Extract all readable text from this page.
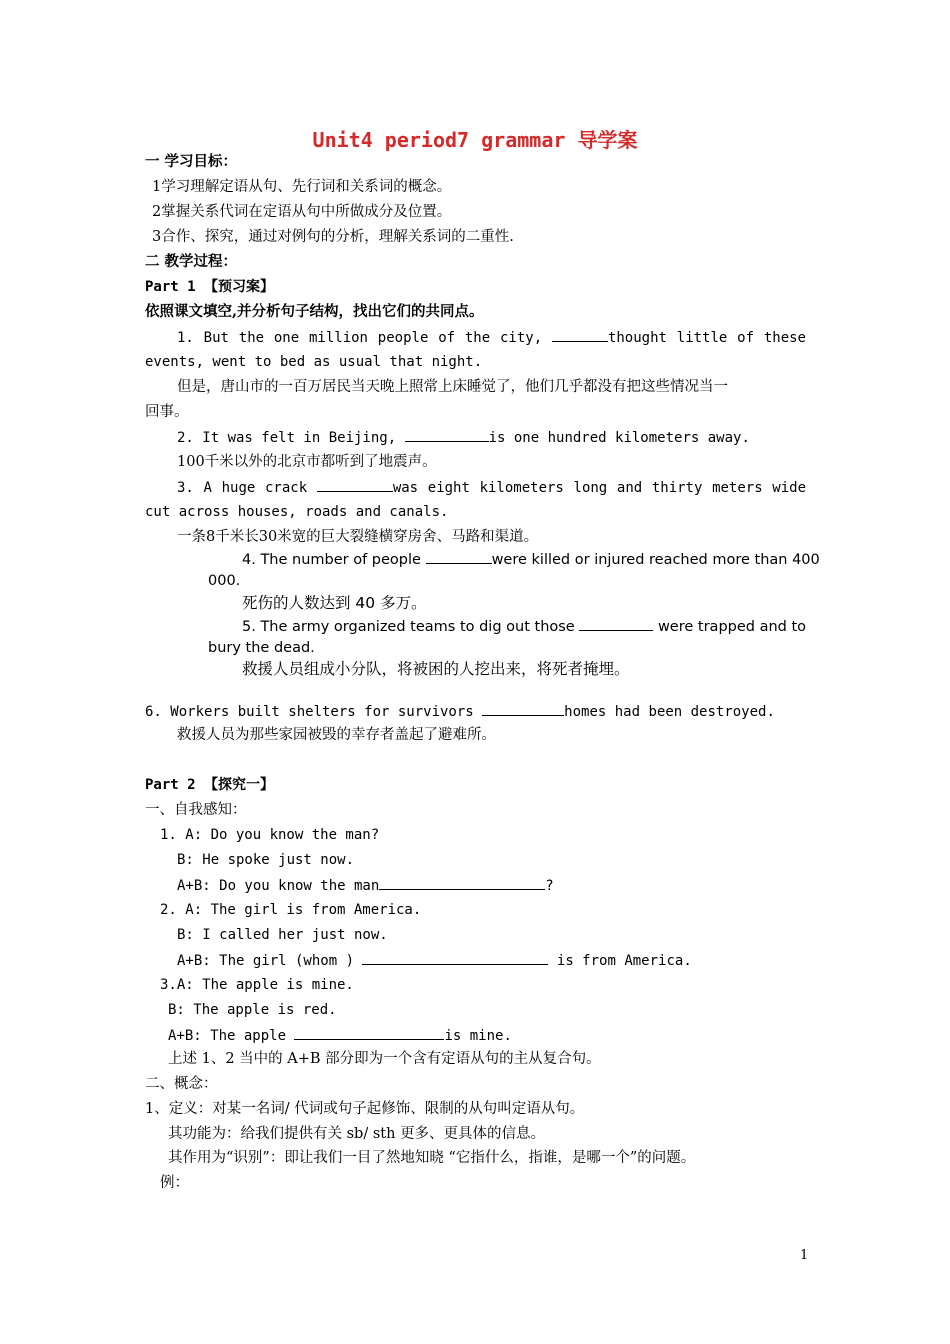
Unit4 period7 grammar 导学案
一 学习目标：
1学习理解定语从句、先行词和关系词的概念。
2掌握关系代词在定语从句中所做成分及位置。
3合作、探究，通过对例句的分析，理解关系词的二重性.
二 教学过程：
Part 1 【预习案】
依照课文填空,并分析句子结构，找出它们的共同点。
1. But the one million people of the city,	thought little of these
events, went to bed as usual that night.
但是，唐山市的一百万居民当天晚上照常上床睡觉了，他们几乎都没有把这些情况当一
回事。
2. It was felt in Beijing,	is one hundred kilometers away.
100千米以外的北京市都听到了地震声。
3. A huge crack	was eight kilometers long and thirty meters wide
cut across houses, roads and canals.
一条8千米长30米宽的巨大裂缝横穿房舍、马路和渠道。
4. The number of people	were killed or injured reached more than 400
000.
死伤的人数达到 40 多万。
5. The army organized teams to dig out those	were trapped and to
bury the dead.
救援人员组成小分队，将被困的人挖出来，将死者掩埋。
6. Workers built shelters for survivors	homes had been destroyed.
救援人员为那些家园被毁的幸存者盖起了避难所。
Part 2 【探究一】
一、自我感知：
1. A: Do you know the man?
B: He spoke just now.
A+B: Do you know the man	?
2. A: The girl is from America.
B: I called her just now.
A+B: The girl (whom )	is from America.
3.A: The apple is mine.
B: The apple is red.
A+B: The apple	is mine.
上述 1、2 当中的 A+B 部分即为一个含有定语从句的主从复合句。
二、概念：
1、定义：对某一名词/ 代词或句子起修饰、限制的从句叫定语从句。
其功能为：给我们提供有关 sb/ sth 更多、更具体的信息。
其作用为“识别”：即让我们一目了然地知晓 “它指什么，指谁，是哪一个”的问题。
例：
1
